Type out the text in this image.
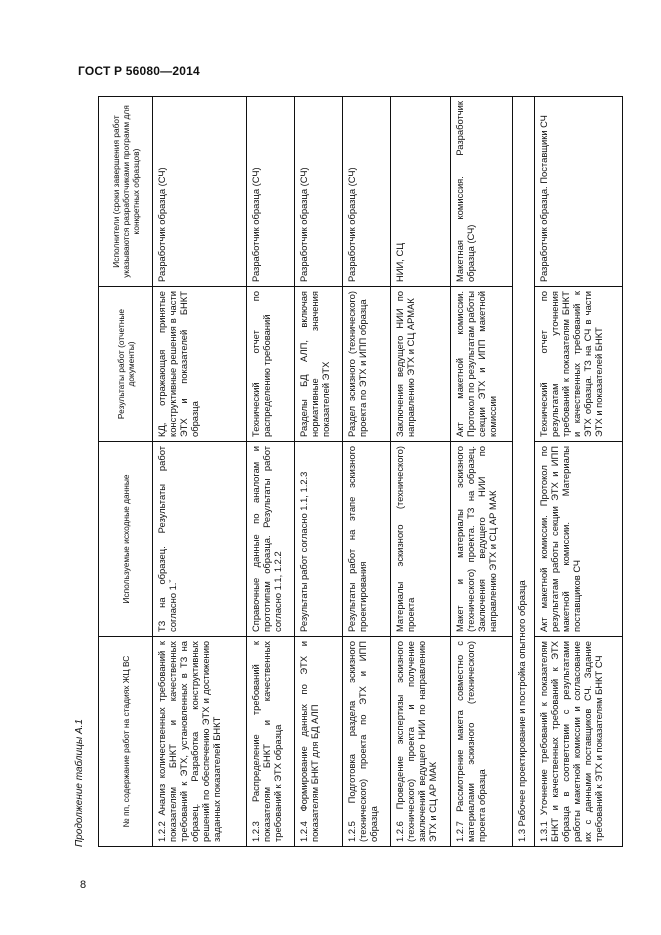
ГОСТ Р 56080—2014
Продолжение таблицы А.1	№ пп, содержание работ на стадиях ЖЦ ВС	Используемые исходные данные	Результаты работ (отчетные документы)	Исполнители (сроки завершения работ указываются разработчиками программ для конкретных образцов)
1.2.2 Анализ количественных требований к показателям БНКТ и качественных требований к ЭТХ, установленных в ТЗ на образец. Разработка конструктивных решений по обеспечению ЭТХ и достижению заданных показателей БНКТ	ТЗ на образец. Результаты работ согласно 1.ˇ	КД, отражающая принятые конструктивные решения в части ЭТХ и показателей БНКТ образца	Разработчик образца (СЧ)
1.2.3 Распределение требований к показателям БНКТ и качественных требований к ЭТХ образца	Справочные данные по аналогам и прототипам образца. Результаты работ согласно 1.1, 1.2.2	Технический отчет по распределению требований	Разработчик образца (СЧ)
1.2.4 Формирование данных по ЭТХ и показателям БНКТ для БД АЛП	Результаты работ согласно 1.1, 1.2.3	Разделы БД АЛП, включая нормативные значения показателей ЭТХ	Разработчик образца (СЧ)
1.2.5 Подготовка раздела эскизного (технического) проекта по ЭТХ и ИПП образца	Результаты работ на этапе эскизного проектирования	Раздел эскизного (технического) проекта по ЭТХ и ИПП образца	Разработчик образца (СЧ)
1.2.6 Проведение экспертизы эскизного (технического) проекта и получение заключений ведущего НИИ по направлению ЭТХ и СЦ АР МАК	Материалы эскизного (технического) проекта	Заключения ведущего НИИ по направлению ЭТХ и СЦ АРМАК	НИИ, СЦ
1.2.7 Рассмотрение макета совместно с материалами эскизного (технического) проекта образца	Макет и материалы эскизного (технического) проекта. ТЗ на образец. Заключения ведущего НИИ по направлению ЭТХ и СЦ АР МАК	Акт макетной комиссии. Протокол по результатам работы секции ЭТХ и ИПП макетной комиссии	Макетная комиссия. Разработчик образца (СЧ)
1.3 Рабочее проектирование и постройка опытного образца			
1.3.1 Уточнение требований к показателям БНКТ и качественных требований к ЭТХ образца в соответствии с результатами работы макетной комиссии и согласование их с данными поставщиков СЧ. Задание требований к ЭТХ и показателям БНКТ СЧ	Акт макетной комиссии. Протокол по результатам работы секции ЭТХ и ИПП макетной комиссии. Материалы поставщиков СЧ	Технический отчет по результатам уточнения требований к показателям БНКТ и качественных требований к ЭТХ образца. ТЗ на СЧ в части ЭТХ и показателей БНКТ	Разработчик образца. Поставщики СЧ
8
